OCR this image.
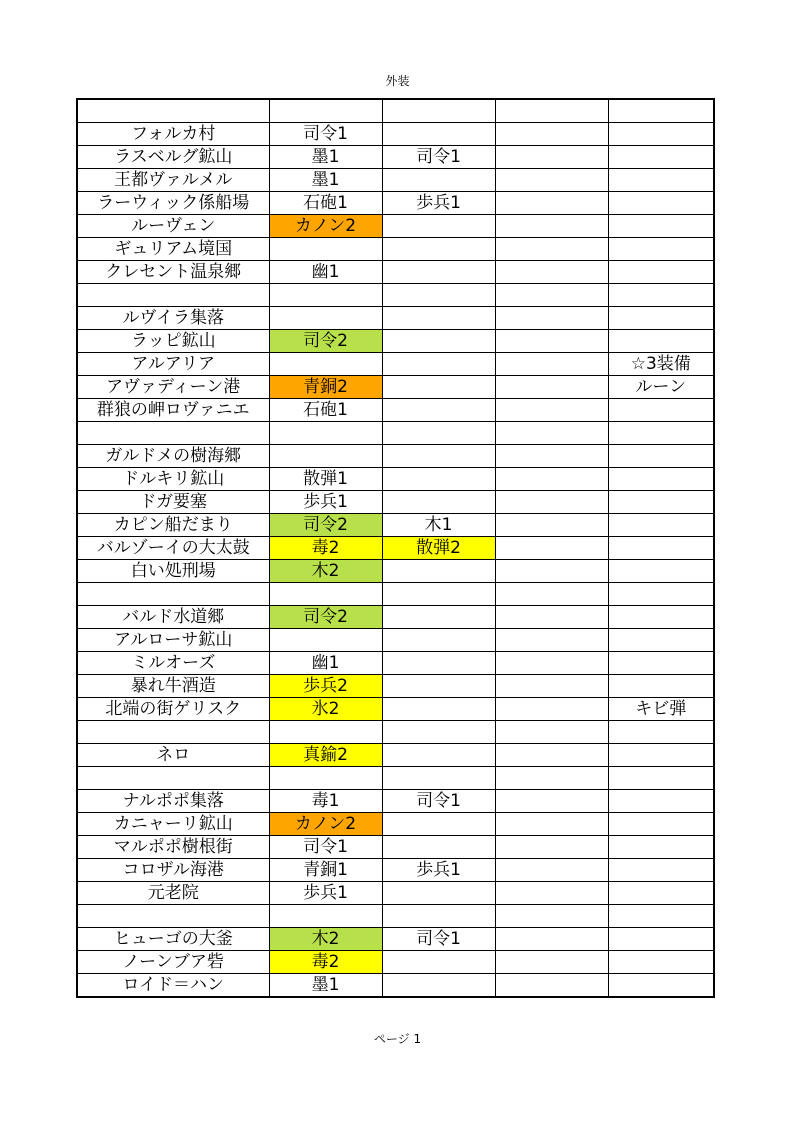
外装

フォルカ村	司令1			
ラスベルグ鉱山	墨1	司令1		
王都ヴァルメル	墨1			
ラーウィック係船場	石砲1	歩兵1		
ルーヴェン	カノン2			
ギュリアム境国				
クレセント温泉郷	幽1			

ルヴイラ集落				
ラッピ鉱山	司令2			
アルアリア				☆3装備
アヴァディーン港	青銅2			ルーン
群狼の岬ロヴァニエ	石砲1			

ガルドメの樹海郷				
ドルキリ鉱山	散弾1			
ドガ要塞	歩兵1			
カピン船だまり	司令2	木1		
バルゾーイの大太鼓	毒2	散弾2		
白い処刑場	木2			

バルド水道郷	司令2			
アルローサ鉱山				
ミルオーズ	幽1			
暴れ牛酒造	歩兵2			
北端の街ゲリスク	氷2			キビ弾

ネロ	真鍮2			

ナルポポ集落	毒1	司令1		
カニャーリ鉱山	カノン2			
マルポポ樹根街	司令1			
コロザル海港	青銅1	歩兵1		
元老院	歩兵1			

ヒューゴの大釜	木2	司令1		
ノーンブア砦	毒2			
ロイド＝ハン	墨1			
ページ 1
